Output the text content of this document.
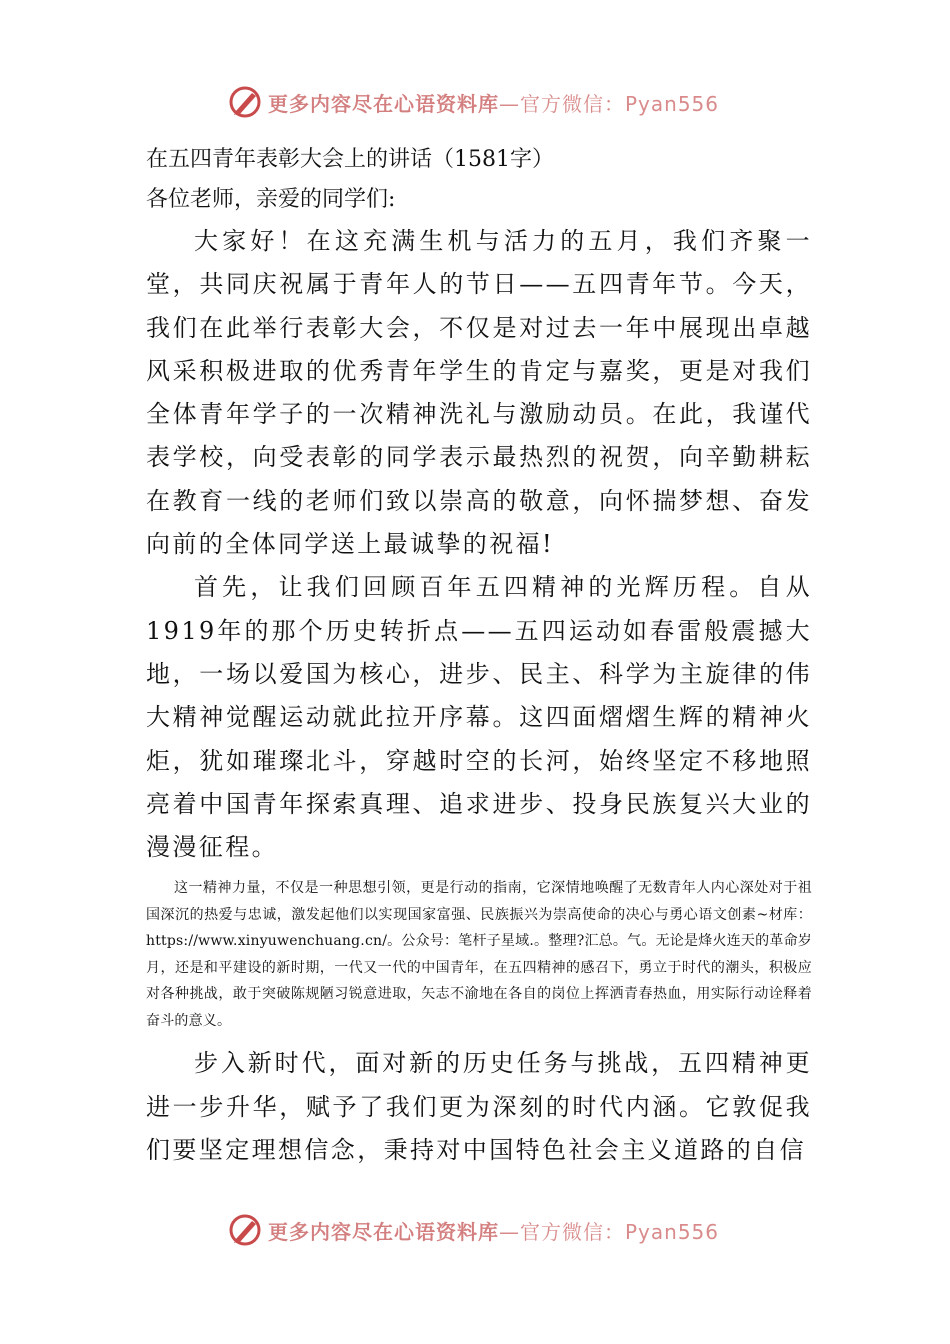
更多内容尽在心语资料库—官方微信：Pyan556

在五四青年表彰大会上的讲话（1581字）

各位老师，亲爱的同学们:

大家好！在这充满生机与活力的五月，我们齐聚一堂，共同庆祝属于青年人的节日——五四青年节。今天，我们在此举行表彰大会，不仅是对过去一年中展现出卓越风采积极进取的优秀青年学生的肯定与嘉奖，更是对我们全体青年学子的一次精神洗礼与激励动员。在此，我谨代表学校，向受表彰的同学表示最热烈的祝贺，向辛勤耕耘在教育一线的老师们致以崇高的敬意，向怀揣梦想、奋发向前的全体同学送上最诚挚的祝福!

首先，让我们回顾百年五四精神的光辉历程。自从1919年的那个历史转折点——五四运动如春雷般震撼大地，一场以爱国为核心，进步、民主、科学为主旋律的伟大精神觉醒运动就此拉开序幕。这四面熠熠生辉的精神火炬，犹如璀璨北斗，穿越时空的长河，始终坚定不移地照亮着中国青年探索真理、追求进步、投身民族复兴大业的漫漫征程。

这一精神力量，不仅是一种思想引领，更是行动的指南，它深情地唤醒了无数青年人内心深处对于祖国深沉的热爱与忠诚，激发起他们以实现国家富强、民族振兴为崇高使命的决心与勇心语文创素~材库：https://www.xinyuwenchuang.cn/。公众号：笔杆子星域.。整理?汇总。气。无论是烽火连天的革命岁月，还是和平建设的新时期，一代又一代的中国青年，在五四精神的感召下，勇立于时代的潮头，积极应对各种挑战，敢于突破陈规陋习锐意进取，矢志不渝地在各自的岗位上挥洒青春热血，用实际行动诠释着奋斗的意义。

步入新时代，面对新的历史任务与挑战，五四精神更进一步升华，赋予了我们更为深刻的时代内涵。它敦促我们要坚定理想信念，秉持对中国特色社会主义道路的自信

更多内容尽在心语资料库—官方微信：Pyan556
